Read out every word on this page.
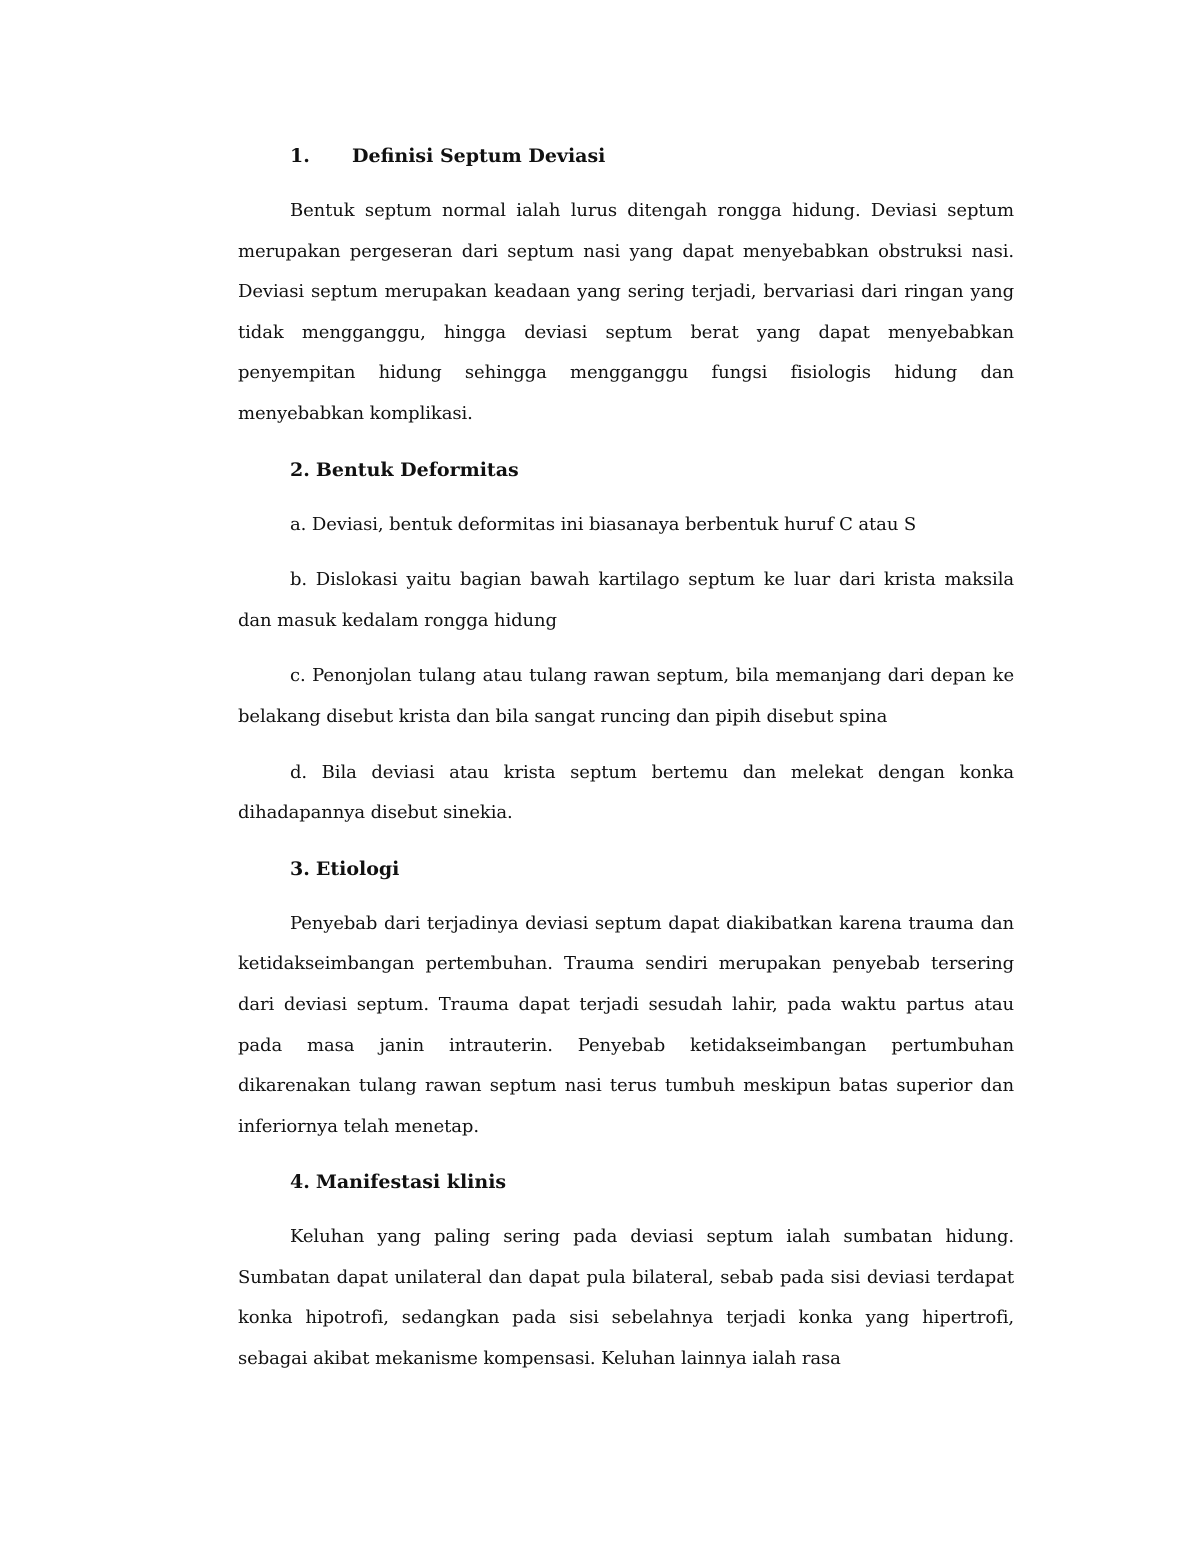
1. Definisi Septum Deviasi

Bentuk septum normal ialah lurus ditengah rongga hidung. Deviasi septum merupakan pergeseran dari septum nasi yang dapat menyebabkan obstruksi nasi. Deviasi septum merupakan keadaan yang sering terjadi, bervariasi dari ringan yang tidak mengganggu, hingga deviasi septum berat yang dapat menyebabkan penyempitan hidung sehingga mengganggu fungsi fisiologis hidung dan menyebabkan komplikasi.

2. Bentuk Deformitas

a. Deviasi, bentuk deformitas ini biasanaya berbentuk huruf C atau S

b. Dislokasi yaitu bagian bawah kartilago septum ke luar dari krista maksila dan masuk kedalam rongga hidung

c. Penonjolan tulang atau tulang rawan septum, bila memanjang dari depan ke belakang disebut krista dan bila sangat runcing dan pipih disebut spina

d. Bila deviasi atau krista septum bertemu dan melekat dengan konka dihadapannya disebut sinekia.

3. Etiologi

Penyebab dari terjadinya deviasi septum dapat diakibatkan karena trauma dan ketidakseimbangan pertembuhan. Trauma sendiri merupakan penyebab tersering dari deviasi septum. Trauma dapat terjadi sesudah lahir, pada waktu partus atau pada masa janin intrauterin. Penyebab ketidakseimbangan pertumbuhan dikarenakan tulang rawan septum nasi terus tumbuh meskipun batas superior dan inferiornya telah menetap.

4. Manifestasi klinis

Keluhan yang paling sering pada deviasi septum ialah sumbatan hidung. Sumbatan dapat unilateral dan dapat pula bilateral, sebab pada sisi deviasi terdapat konka hipotrofi, sedangkan pada sisi sebelahnya terjadi konka yang hipertrofi, sebagai akibat mekanisme kompensasi. Keluhan lainnya ialah rasa
